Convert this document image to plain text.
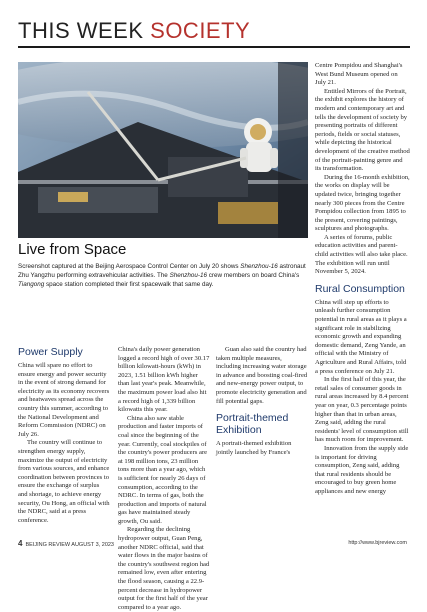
THIS WEEK SOCIETY
Live from Space
Screenshot captured at the Beijing Aerospace Control Center on July 20 shows Shenzhou-16 astronaut Zhu Yangzhu performing extravehicular activities. The Shenzhou-16 crew members on board China's Tiangong space station completed their first spacewalk that same day.

Centre Pompidou and Shanghai's West Bund Museum opened on July 21.

Entitled Mirrors of the Portrait, the exhibit explores the history of modern and contemporary art and tells the development of society by presenting portraits of different periods, fields or social statuses, while depicting the historical development of the creative method of the portrait-painting genre and its transformation.

During the 16-month exhibition, the works on display will be updated twice, bringing together nearly 300 pieces from the Centre Pompidou collection from 1895 to the present, covering paintings, sculptures and photographs.

A series of forums, public education activities and parent-child activities will also take place. The exhibition will run until November 5, 2024.

Rural Consumption

China will step up efforts to unleash further consumption potential in rural areas as it plays a significant role in stabilizing economic growth and expanding domestic demand, Zeng Yande, an official with the Ministry of Agriculture and Rural Affairs, told a press conference on July 21.

In the first half of this year, the retail sales of consumer goods in rural areas increased by 8.4 percent year on year, 0.3 percentage points higher than that in urban areas, Zeng said, adding the rural residents' level of consumption still has much room for improvement.

Innovation from the supply side is important for driving consumption, Zeng said, adding that rural residents should be encouraged to buy green home appliances and new energy

Power Supply

China will spare no effort to ensure energy and power security in the event of strong demand for electricity as its economy recovers and heatwaves spread across the country this summer, according to the National Development and Reform Commission (NDRC) on July 26.

The country will continue to strengthen energy supply, maximize the output of electricity from various sources, and enhance coordination between provinces to ensure the exchange of surplus and shortage, to achieve energy security, Ou Hong, an official with the NDRC, said at a press conference.

China's daily power generation logged a record high of over 30.17 billion kilowatt-hours (kWh) in 2023, 1.51 billion kWh higher than last year's peak. Meanwhile, the maximum power load also hit a record high of 1,339 billion kilowatts this year.

China also saw stable production and faster imports of coal since the beginning of the year. Currently, coal stockpiles of the country's power producers are at 198 million tons, 23 million tons more than a year ago, which is sufficient for nearly 26 days of consumption, according to the NDRC. In terms of gas, both the production and imports of natural gas have maintained steady growth, Ou said.

Regarding the declining hydropower output, Guan Peng, another NDRC official, said that water flows in the major basins of the country's southwest region had remained low, even after entering the flood season, causing a 22.9-percent decrease in hydropower output for the first half of the year compared to a year ago.

Guan also said the country had taken multiple measures, including increasing water storage in advance and boosting coal-fired and new-energy power output, to promote electricity generation and fill potential gaps.

Portrait-themed Exhibition

A portrait-themed exhibition jointly launched by France's

4 BEIJING REVIEW AUGUST 3, 2023	http://www.bjreview.com
